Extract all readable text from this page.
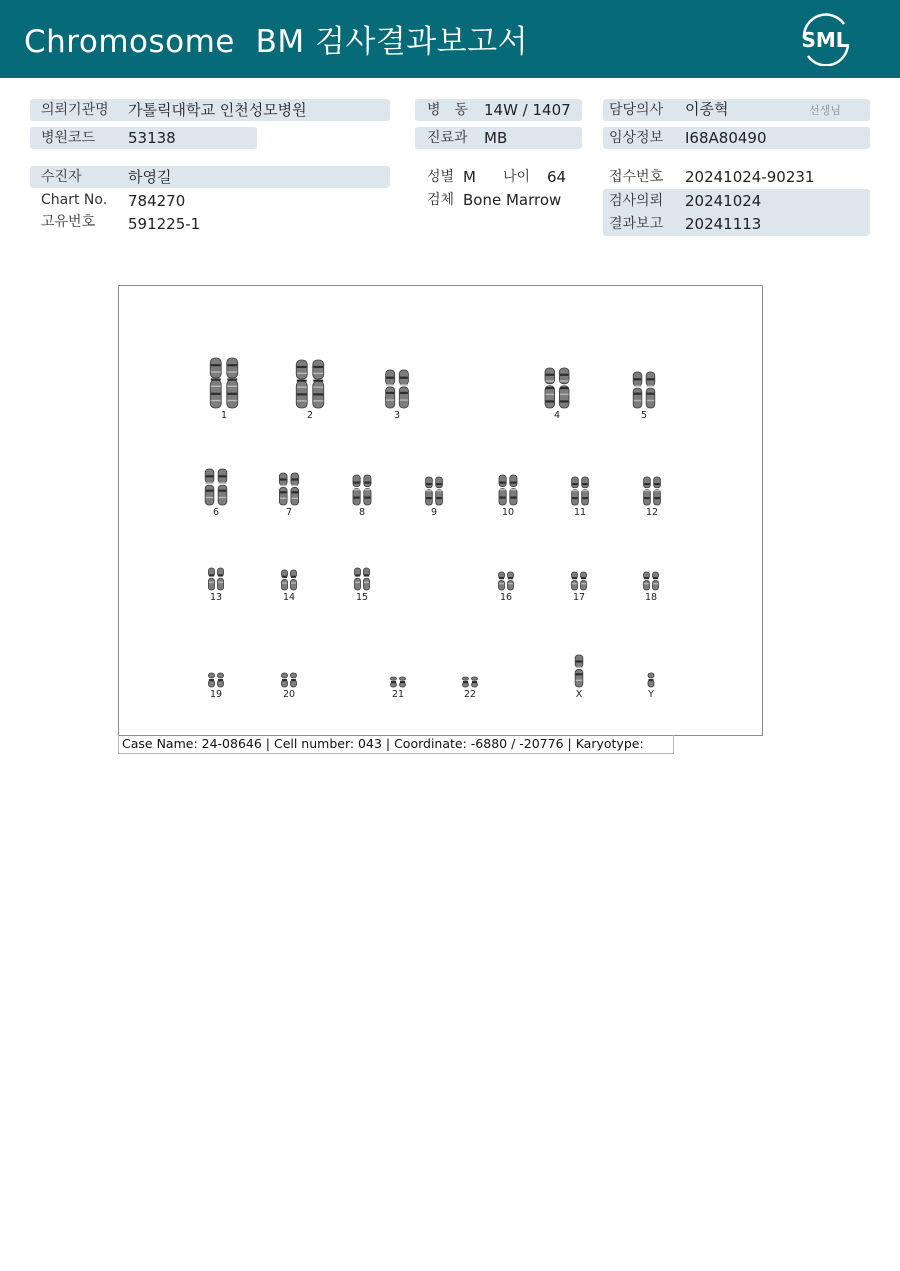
Chromosome  BM 검사결과보고서	SML
의뢰기관명 가톨릭대학교 인천성모병원
병원코드 53138
수진자	하영길
Chart No. 784270
고유번호 591225-1
병　동 14W / 1407
진료과 MB
성별 M 나이 64
검체 Bone Marrow
담당의사 이종혁	선생님
임상정보 I68A80490
접수번호 20241024-90231
검사의뢰 20241024
결과보고 20241113
1	2	3	4	5
6	7	8	9	10	11	12
13	14	15	16	17	18
19	20	21	22	X	Y
Case Name: 24-08646 | Cell number: 043 | Coordinate: -6880 / -20776 | Karyotype:
